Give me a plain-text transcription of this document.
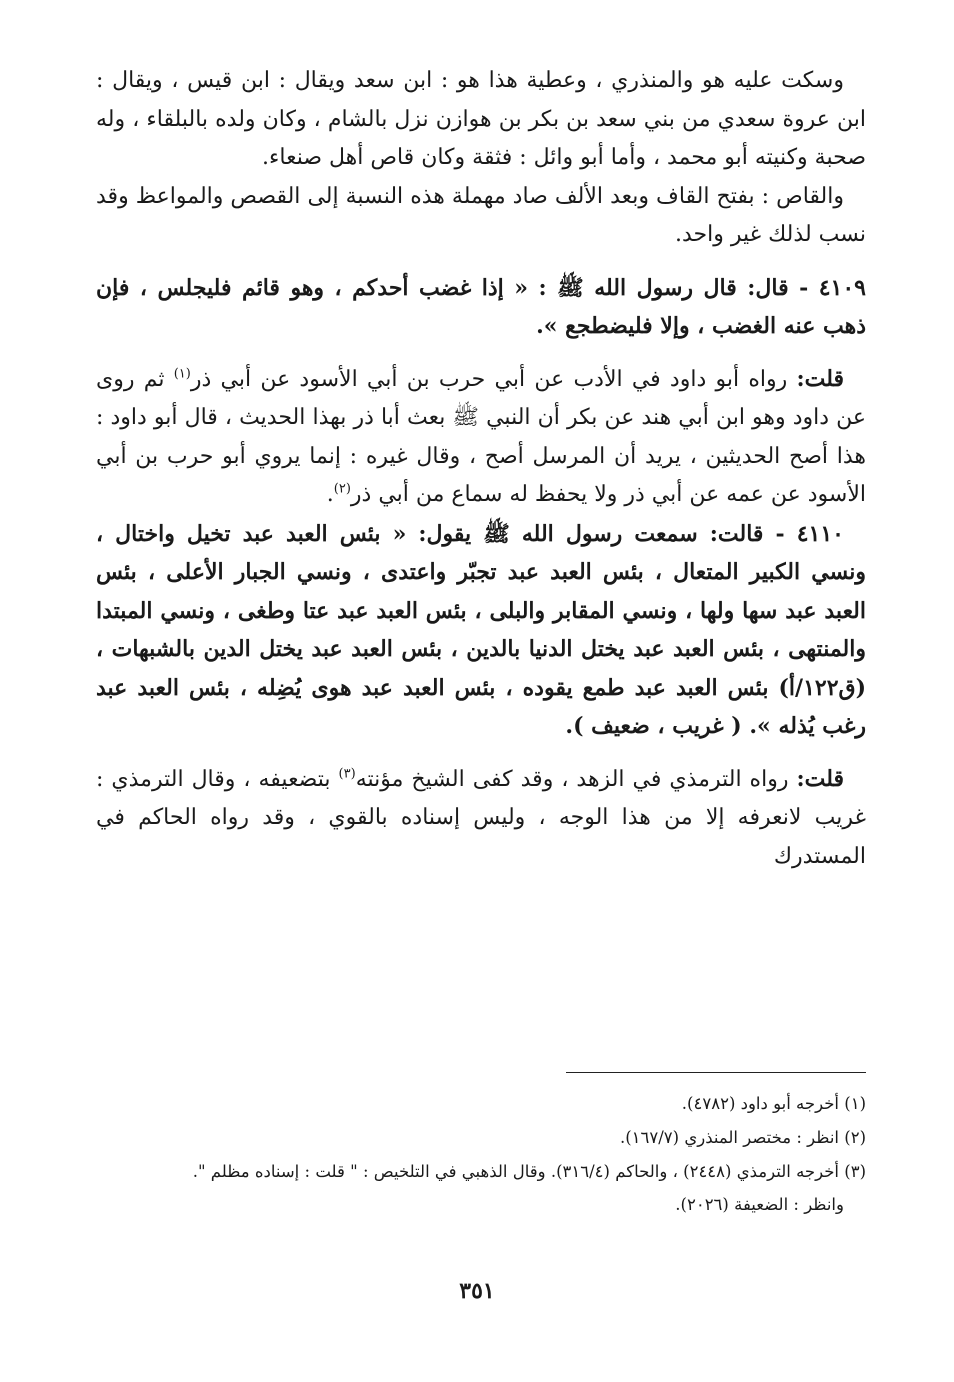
وسكت عليه هو والمنذري ، وعطية هذا هو : ابن سعد ويقال : ابن قيس ، ويقال : ابن عروة سعدي من بني سعد بن بكر بن هوازن نزل بالشام ، وكان ولده بالبلقاء ، وله صحبة وكنيته أبو محمد ، وأما أبو وائل : فثقة وكان قاص أهل صنعاء.

والقاص : بفتح القاف وبعد الألف صاد مهملة هذه النسبة إلى القصص والمواعظ وقد نسب لذلك غير واحد.

٤١٠٩ - قال: قال رسول الله ﷺ : « إذا غضب أحدكم ، وهو قائم فليجلس ، فإن ذهب عنه الغضب ، وإلا فليضطجع ».

قلت: رواه أبو داود في الأدب عن أبي حرب بن أبي الأسود عن أبي ذر$^{(١)}$ ثم روى عن داود وهو ابن أبي هند عن بكر أن النبي ﷺ بعث أبا ذر بهذا الحديث ، قال أبو داود : هذا أصح الحديثين ، يريد أن المرسل أصح ، وقال غيره : إنما يروي أبو حرب بن أبي الأسود عن عمه عن أبي ذر ولا يحفظ له سماع من أبي ذر$^{(٢)}$.

٤١١٠ - قالت: سمعت رسول الله ﷺ يقول: « بئس العبد عبد تخيل واختال ، ونسي الكبير المتعال ، بئس العبد عبد تجبّر واعتدى ، ونسي الجبار الأعلى ، بئس العبد عبد سها ولها ، ونسي المقابر والبلى ، بئس العبد عبد عتا وطغى ، ونسي المبتدا والمنتهى ، بئس العبد عبد يختل الدنيا بالدين ، بئس العبد عبد يختل الدين بالشبهات ، (ق١٢٢/أ) بئس العبد عبد طمع يقوده ، بئس العبد عبد هوى يُضِله ، بئس العبد عبد رغب يُذله ». ( غريب ، ضعيف ).

قلت: رواه الترمذي في الزهد ، وقد كفى الشيخ مؤنته$^{(٣)}$ بتضعيفه ، وقال الترمذي : غريب لانعرفه إلا من هذا الوجه ، وليس إسناده بالقوي ، وقد رواه الحاكم في المستدرك

(١) أخرجه أبو داود (٤٧٨٢).

(٢) انظر : مختصر المنذري (١٦٧/٧).

(٣) أخرجه الترمذي (٢٤٤٨) ، والحاكم (٣١٦/٤). وقال الذهبي في التلخيص : " قلت : إسناده مظلم ".

وانظر : الضعيفة (٢٠٢٦).

٣٥١
